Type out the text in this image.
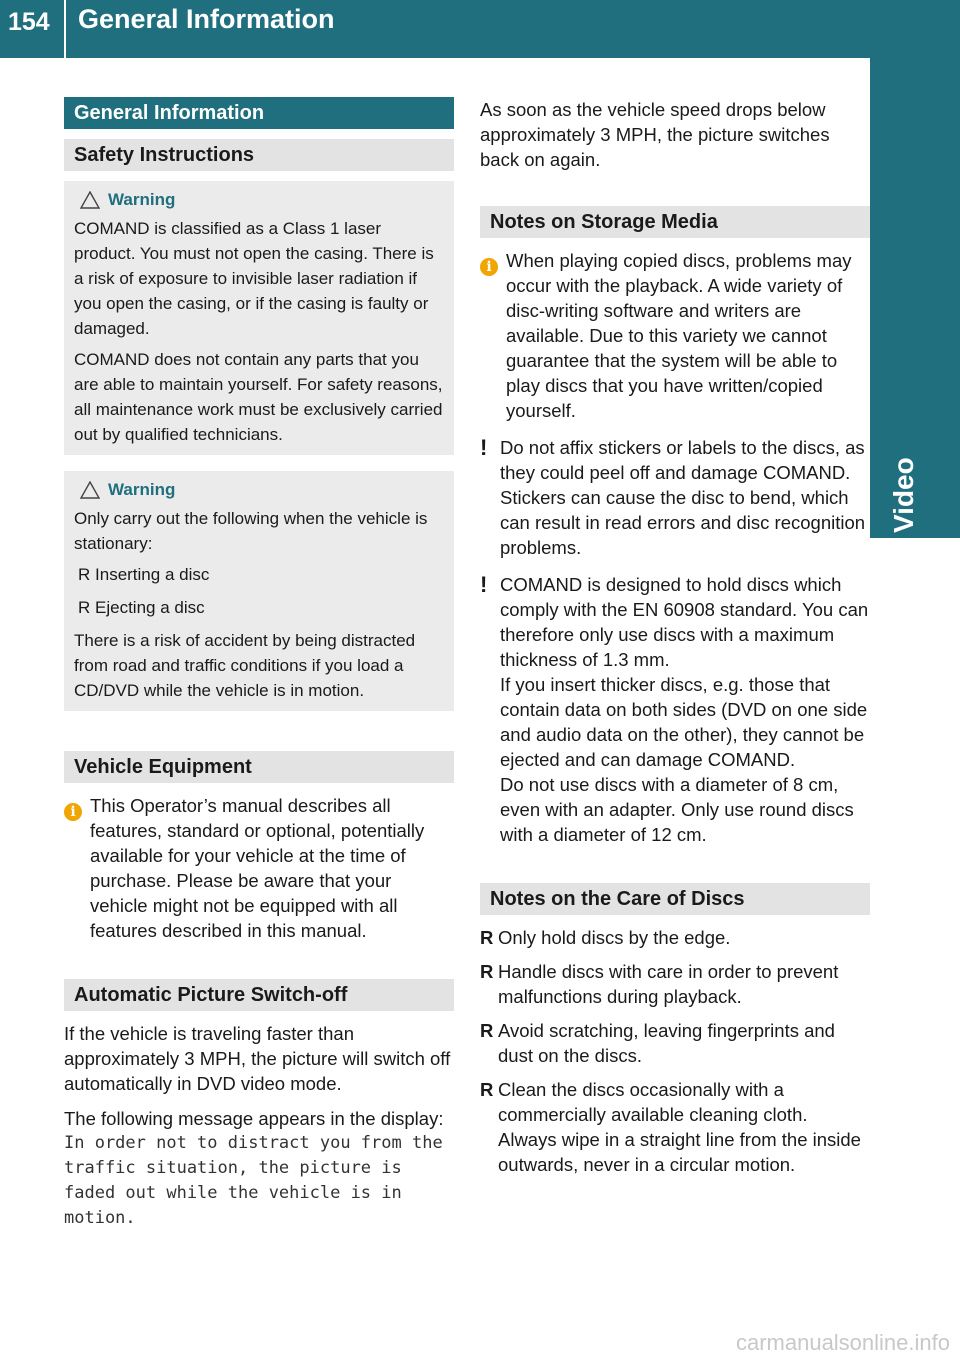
154	General Information
Video
General Information
Safety Instructions
Warning

COMAND is classified as a Class 1 laser product. You must not open the casing. There is a risk of exposure to invisible laser radiation if you open the casing, or if the casing is faulty or damaged.

COMAND does not contain any parts that you are able to maintain yourself. For safety reasons, all maintenance work must be exclusively carried out by qualified technicians.

Warning

Only carry out the following when the vehicle is stationary:

R Inserting a disc
R Ejecting a disc

There is a risk of accident by being distracted from road and traffic conditions if you load a CD/DVD while the vehicle is in motion.

Vehicle Equipment
i This Operator’s manual describes all features, standard or optional, potentially available for your vehicle at the time of purchase. Please be aware that your vehicle might not be equipped with all features described in this manual.
Automatic Picture Switch-off

If the vehicle is traveling faster than approximately 3 MPH, the picture will switch off automatically in DVD video mode.

The following message appears in the display:

In order not to distract you from the traffic situation, the picture is faded out while the vehicle is in motion.

As soon as the vehicle speed drops below approximately 3 MPH, the picture switches back on again.

Notes on Storage Media
i When playing copied discs, problems may occur with the playback. A wide variety of disc-writing software and writers are available. Due to this variety we cannot guarantee that the system will be able to play discs that you have written/copied yourself.
! Do not affix stickers or labels to the discs, as they could peel off and damage COMAND. Stickers can cause the disc to bend, which can result in read errors and disc recognition problems.
! COMAND is designed to hold discs which comply with the EN 60908 standard. You can therefore only use discs with a maximum thickness of 1.3 mm.
If you insert thicker discs, e.g. those that contain data on both sides (DVD on one side and audio data on the other), they cannot be ejected and can damage COMAND.
Do not use discs with a diameter of 8 cm, even with an adapter. Only use round discs with a diameter of 12 cm.
Notes on the Care of Discs
R Only hold discs by the edge.
R Handle discs with care in order to prevent malfunctions during playback.
R Avoid scratching, leaving fingerprints and dust on the discs.
R Clean the discs occasionally with a commercially available cleaning cloth. Always wipe in a straight line from the inside outwards, never in a circular motion.
carmanualsonline.info
